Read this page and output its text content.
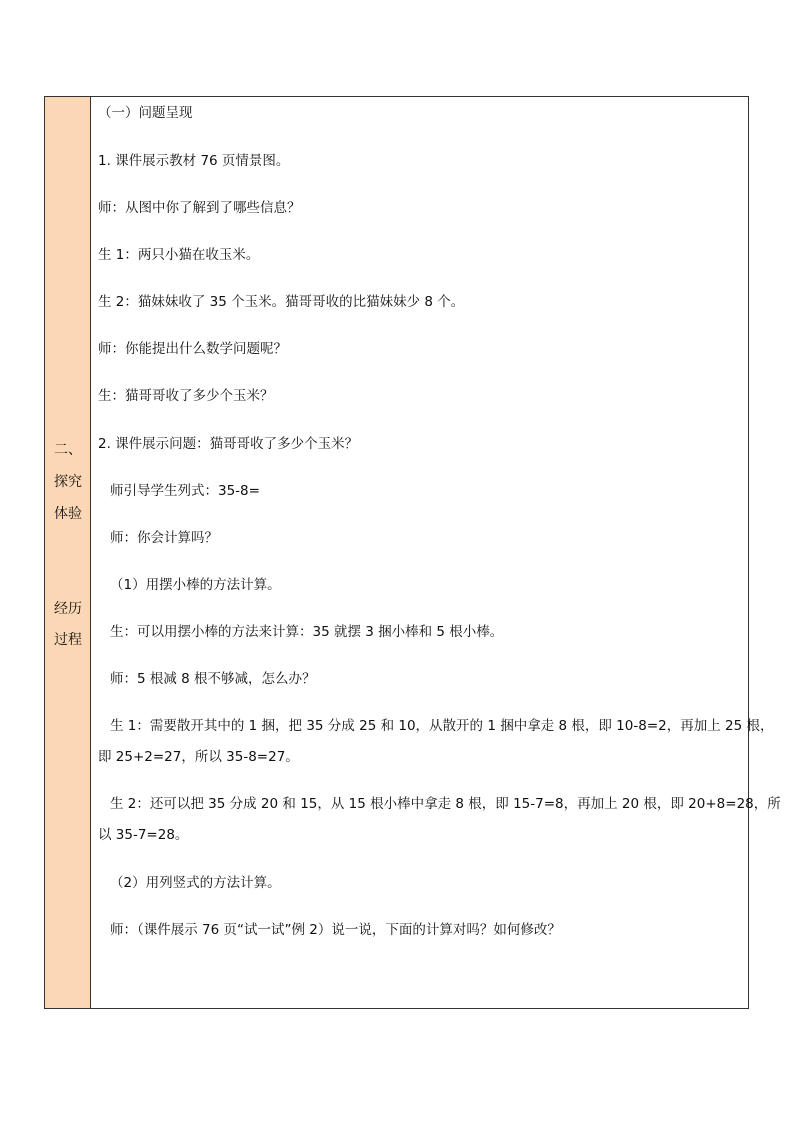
二、
探究
体验
经历
过程
（一）问题呈现
1. 课件展示教材 76 页情景图。
师：从图中你了解到了哪些信息？
生 1：两只小猫在收玉米。
生 2：猫妹妹收了 35 个玉米。猫哥哥收的比猫妹妹少 8 个。
师：你能提出什么数学问题呢？
生：猫哥哥收了多少个玉米？
2. 课件展示问题：猫哥哥收了多少个玉米？
师引导学生列式：35-8=
师：你会计算吗？
（1）用摆小棒的方法计算。
生：可以用摆小棒的方法来计算：35 就摆 3 捆小棒和 5 根小棒。
师：5 根减 8 根不够减，怎么办？
生 1：需要散开其中的 1 捆，把 35 分成 25 和 10，从散开的 1 捆中拿走 8 根，即 10-8=2，再加上 25 根，
即 25+2=27，所以 35-8=27。
生 2：还可以把 35 分成 20 和 15，从 15 根小棒中拿走 8 根，即 15-7=8，再加上 20 根，即 20+8=28，所
以 35-7=28。
（2）用列竖式的方法计算。
师：（课件展示 76 页“试一试”例 2）说一说，下面的计算对吗？如何修改？
